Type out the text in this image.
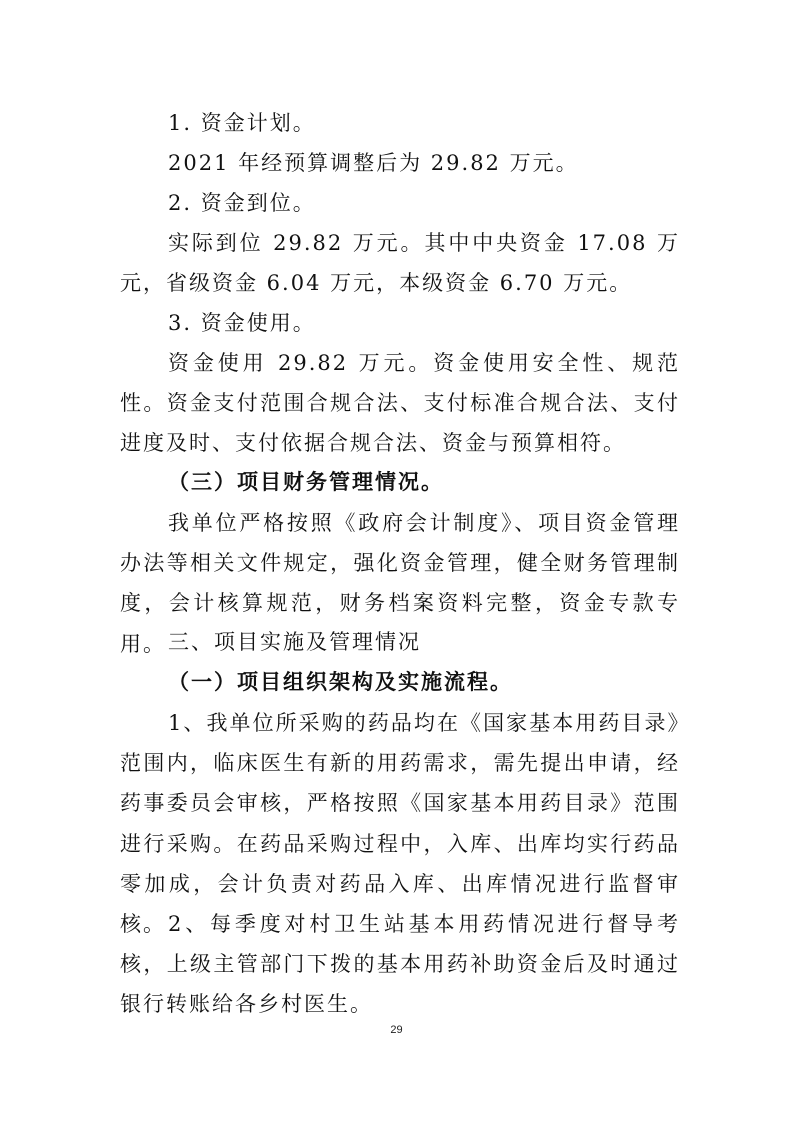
1. 资金计划。
2021 年经预算调整后为 29.82 万元。
2. 资金到位。
实际到位 29.82 万元。其中中央资金 17.08 万元，省级资金 6.04 万元，本级资金 6.70 万元。
3. 资金使用。
资金使用 29.82 万元。资金使用安全性、规范性。资金支付范围合规合法、支付标准合规合法、支付进度及时、支付依据合规合法、资金与预算相符。
（三）项目财务管理情况。
我单位严格按照《政府会计制度》、项目资金管理办法等相关文件规定，强化资金管理，健全财务管理制度，会计核算规范，财务档案资料完整，资金专款专用。 三、项目实施及管理情况
（一）项目组织架构及实施流程。
1、我单位所采购的药品均在《国家基本用药目录》范围内，临床医生有新的用药需求，需先提出申请，经药事委员会审核，严格按照《国家基本用药目录》范围进行采购。在药品采购过程中，入库、出库均实行药品零加成，会计负责对药品入库、出库情况进行监督审核。 2、每季度对村卫生站基本用药情况进行督导考核，上级主管部门下拨的基本用药补助资金后及时通过银行转账给各乡村医生。
29
